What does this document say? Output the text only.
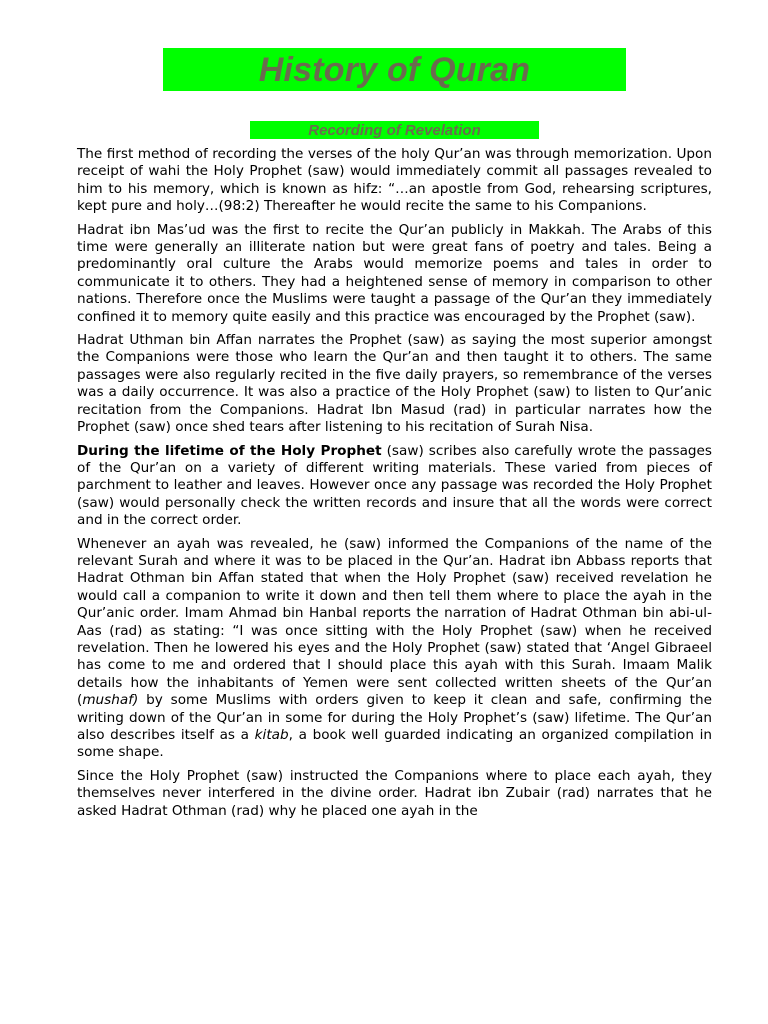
History of Quran
Recording of Revelation

The first method of recording the verses of the holy Qur’an was through memorization. Upon receipt of wahi the Holy Prophet (saw) would immediately commit all passages revealed to him to his memory, which is known as hifz: “…an apostle from God, rehearsing scriptures, kept pure and holy…(98:2) Thereafter he would recite the same to his Companions.

Hadrat ibn Mas’ud was the first to recite the Qur’an publicly in Makkah. The Arabs of this time were generally an illiterate nation but were great fans of poetry and tales. Being a predominantly oral culture the Arabs would memorize poems and tales in order to communicate it to others. They had a heightened sense of memory in comparison to other nations. Therefore once the Muslims were taught a passage of the Qur’an they immediately confined it to memory quite easily and this practice was encouraged by the Prophet (saw).

Hadrat Uthman bin Affan narrates the Prophet (saw) as saying the most superior amongst the Companions were those who learn the Qur’an and then taught it to others. The same passages were also regularly recited in the five daily prayers, so remembrance of the verses was a daily occurrence. It was also a practice of the Holy Prophet (saw) to listen to Qur’anic recitation from the Companions. Hadrat Ibn Masud (rad) in particular narrates how the Prophet (saw) once shed tears after listening to his recitation of Surah Nisa.

During the lifetime of the Holy Prophet (saw) scribes also carefully wrote the passages of the Qur’an on a variety of different writing materials. These varied from pieces of parchment to leather and leaves. However once any passage was recorded the Holy Prophet (saw) would personally check the written records and insure that all the words were correct and in the correct order.

Whenever an ayah was revealed, he (saw) informed the Companions of the name of the relevant Surah and where it was to be placed in the Qur’an. Hadrat ibn Abbass reports that Hadrat Othman bin Affan stated that when the Holy Prophet (saw) received revelation he would call a companion to write it down and then tell them where to place the ayah in the Qur’anic order. Imam Ahmad bin Hanbal reports the narration of Hadrat Othman bin abi-ul-Aas (rad) as stating: “I was once sitting with the Holy Prophet (saw) when he received revelation. Then he lowered his eyes and the Holy Prophet (saw) stated that ‘Angel Gibraeel has come to me and ordered that I should place this ayah with this Surah. Imaam Malik details how the inhabitants of Yemen were sent collected written sheets of the Qur’an (mushaf) by some Muslims with orders given to keep it clean and safe, confirming the writing down of the Qur’an in some for during the Holy Prophet’s (saw) lifetime. The Qur’an also describes itself as a kitab, a book well guarded indicating an organized compilation in some shape.

Since the Holy Prophet (saw) instructed the Companions where to place each ayah, they themselves never interfered in the divine order. Hadrat ibn Zubair (rad) narrates that he asked Hadrat Othman (rad) why he placed one ayah in the
